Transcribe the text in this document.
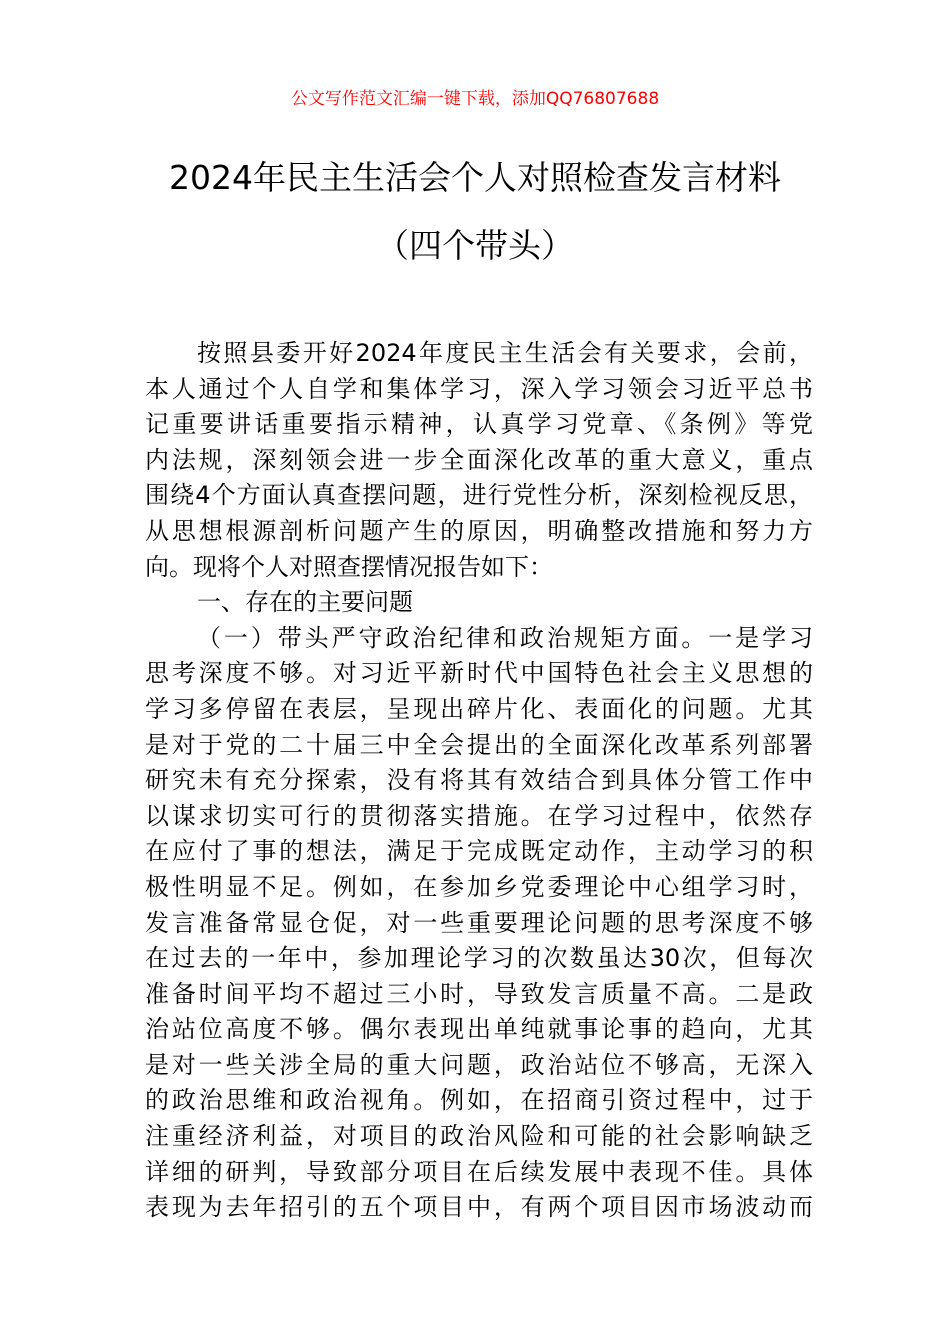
公文写作范文汇编一键下载，添加QQ76807688
2024年民主生活会个人对照检查发言材料
（四个带头）
按照县委开好2024年度民主生活会有关要求，会前，
本人通过个人自学和集体学习，深入学习领会习近平总书
记重要讲话重要指示精神，认真学习党章、《条例》等党
内法规，深刻领会进一步全面深化改革的重大意义，重点
围绕4个方面认真查摆问题，进行党性分析，深刻检视反思，
从思想根源剖析问题产生的原因，明确整改措施和努力方
向。现将个人对照查摆情况报告如下：
一、存在的主要问题
（一）带头严守政治纪律和政治规矩方面。一是学习
思考深度不够。对习近平新时代中国特色社会主义思想的
学习多停留在表层，呈现出碎片化、表面化的问题。尤其
是对于党的二十届三中全会提出的全面深化改革系列部署
研究未有充分探索，没有将其有效结合到具体分管工作中
以谋求切实可行的贯彻落实措施。在学习过程中，依然存
在应付了事的想法，满足于完成既定动作，主动学习的积
极性明显不足。例如，在参加乡党委理论中心组学习时，
发言准备常显仓促，对一些重要理论问题的思考深度不够
在过去的一年中，参加理论学习的次数虽达30次，但每次
准备时间平均不超过三小时，导致发言质量不高。二是政
治站位高度不够。偶尔表现出单纯就事论事的趋向，尤其
是对一些关涉全局的重大问题，政治站位不够高，无深入
的政治思维和政治视角。例如，在招商引资过程中，过于
注重经济利益，对项目的政治风险和可能的社会影响缺乏
详细的研判，导致部分项目在后续发展中表现不佳。具体
表现为去年招引的五个项目中，有两个项目因市场波动而
